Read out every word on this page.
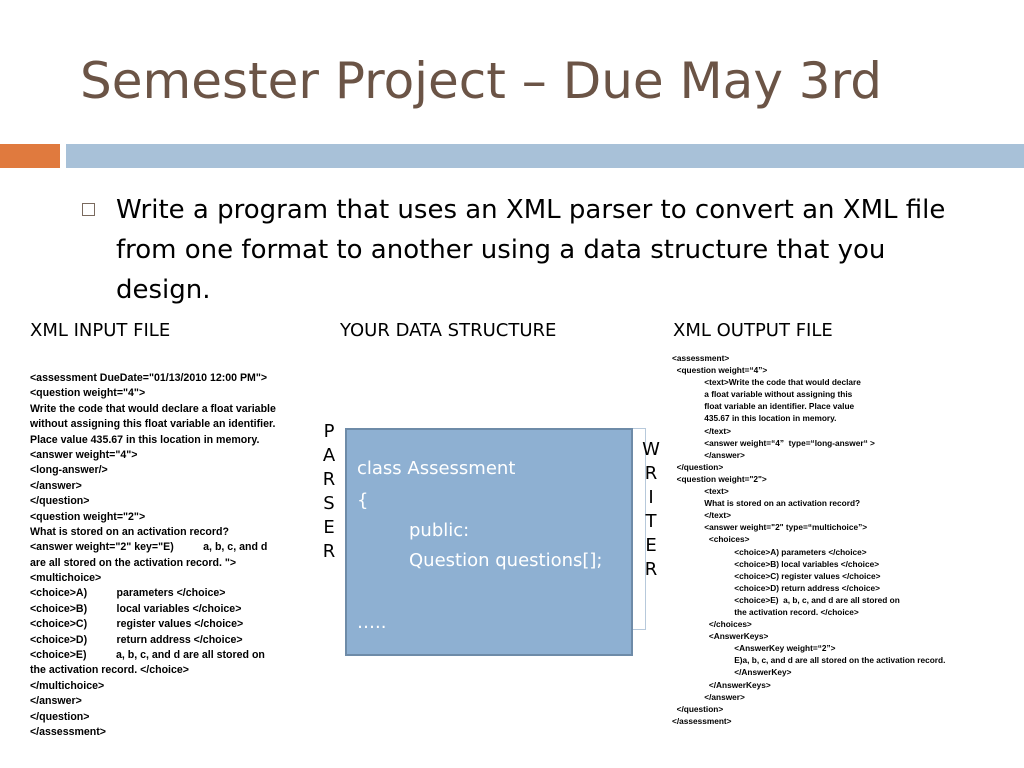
Semester Project – Due May 3rd
Write a program that uses an XML parser to convert an XML file from one format to another using a data structure that you design.
XML INPUT FILE	YOUR DATA STRUCTURE	XML OUTPUT FILE
<assessment DueDate="01/13/2010 12:00 PM">
<question weight="4">
Write the code that would declare a float variable
without assigning this float variable an identifier.
Place value 435.67 in this location in memory.
<answer weight="4">
<long-answer/>
</answer>
</question>
<question weight="2">
What is stored on an activation record?
<answer weight="2" key="E)          a, b, c, and d
are all stored on the activation record. ">
<multichoice>
<choice>A)          parameters </choice>
<choice>B)          local variables </choice>
<choice>C)          register values </choice>
<choice>D)          return address </choice>
<choice>E)          a, b, c, and d are all stored on
the activation record. </choice>
</multichoice>
</answer>
</question>
</assessment>
P
A
R
S
E
R
class Assessment
{
public:
Question questions[];
…..
W
R
I
T
E
R
<assessment>
<question weight=“4”>
<text>Write the code that would declare
a float variable without assigning this
float variable an identifier. Place value
435.67 in this location in memory.
</text>
<answer weight=“4”  type=“long-answer“ >
</answer>
</question>
<question weight="2">
<text>
What is stored on an activation record?
</text>
<answer weight="2" type=“multichoice”>
<choices>
<choice>A) parameters </choice>
<choice>B) local variables </choice>
<choice>C) register values </choice>
<choice>D) return address </choice>
<choice>E)  a, b, c, and d are all stored on
the activation record. </choice>
</choices>
<AnswerKeys>
<AnswerKey weight=“2”>
E)a, b, c, and d are all stored on the activation record.
</AnswerKey>
</AnswerKeys>
</answer>
</question>
</assessment>
